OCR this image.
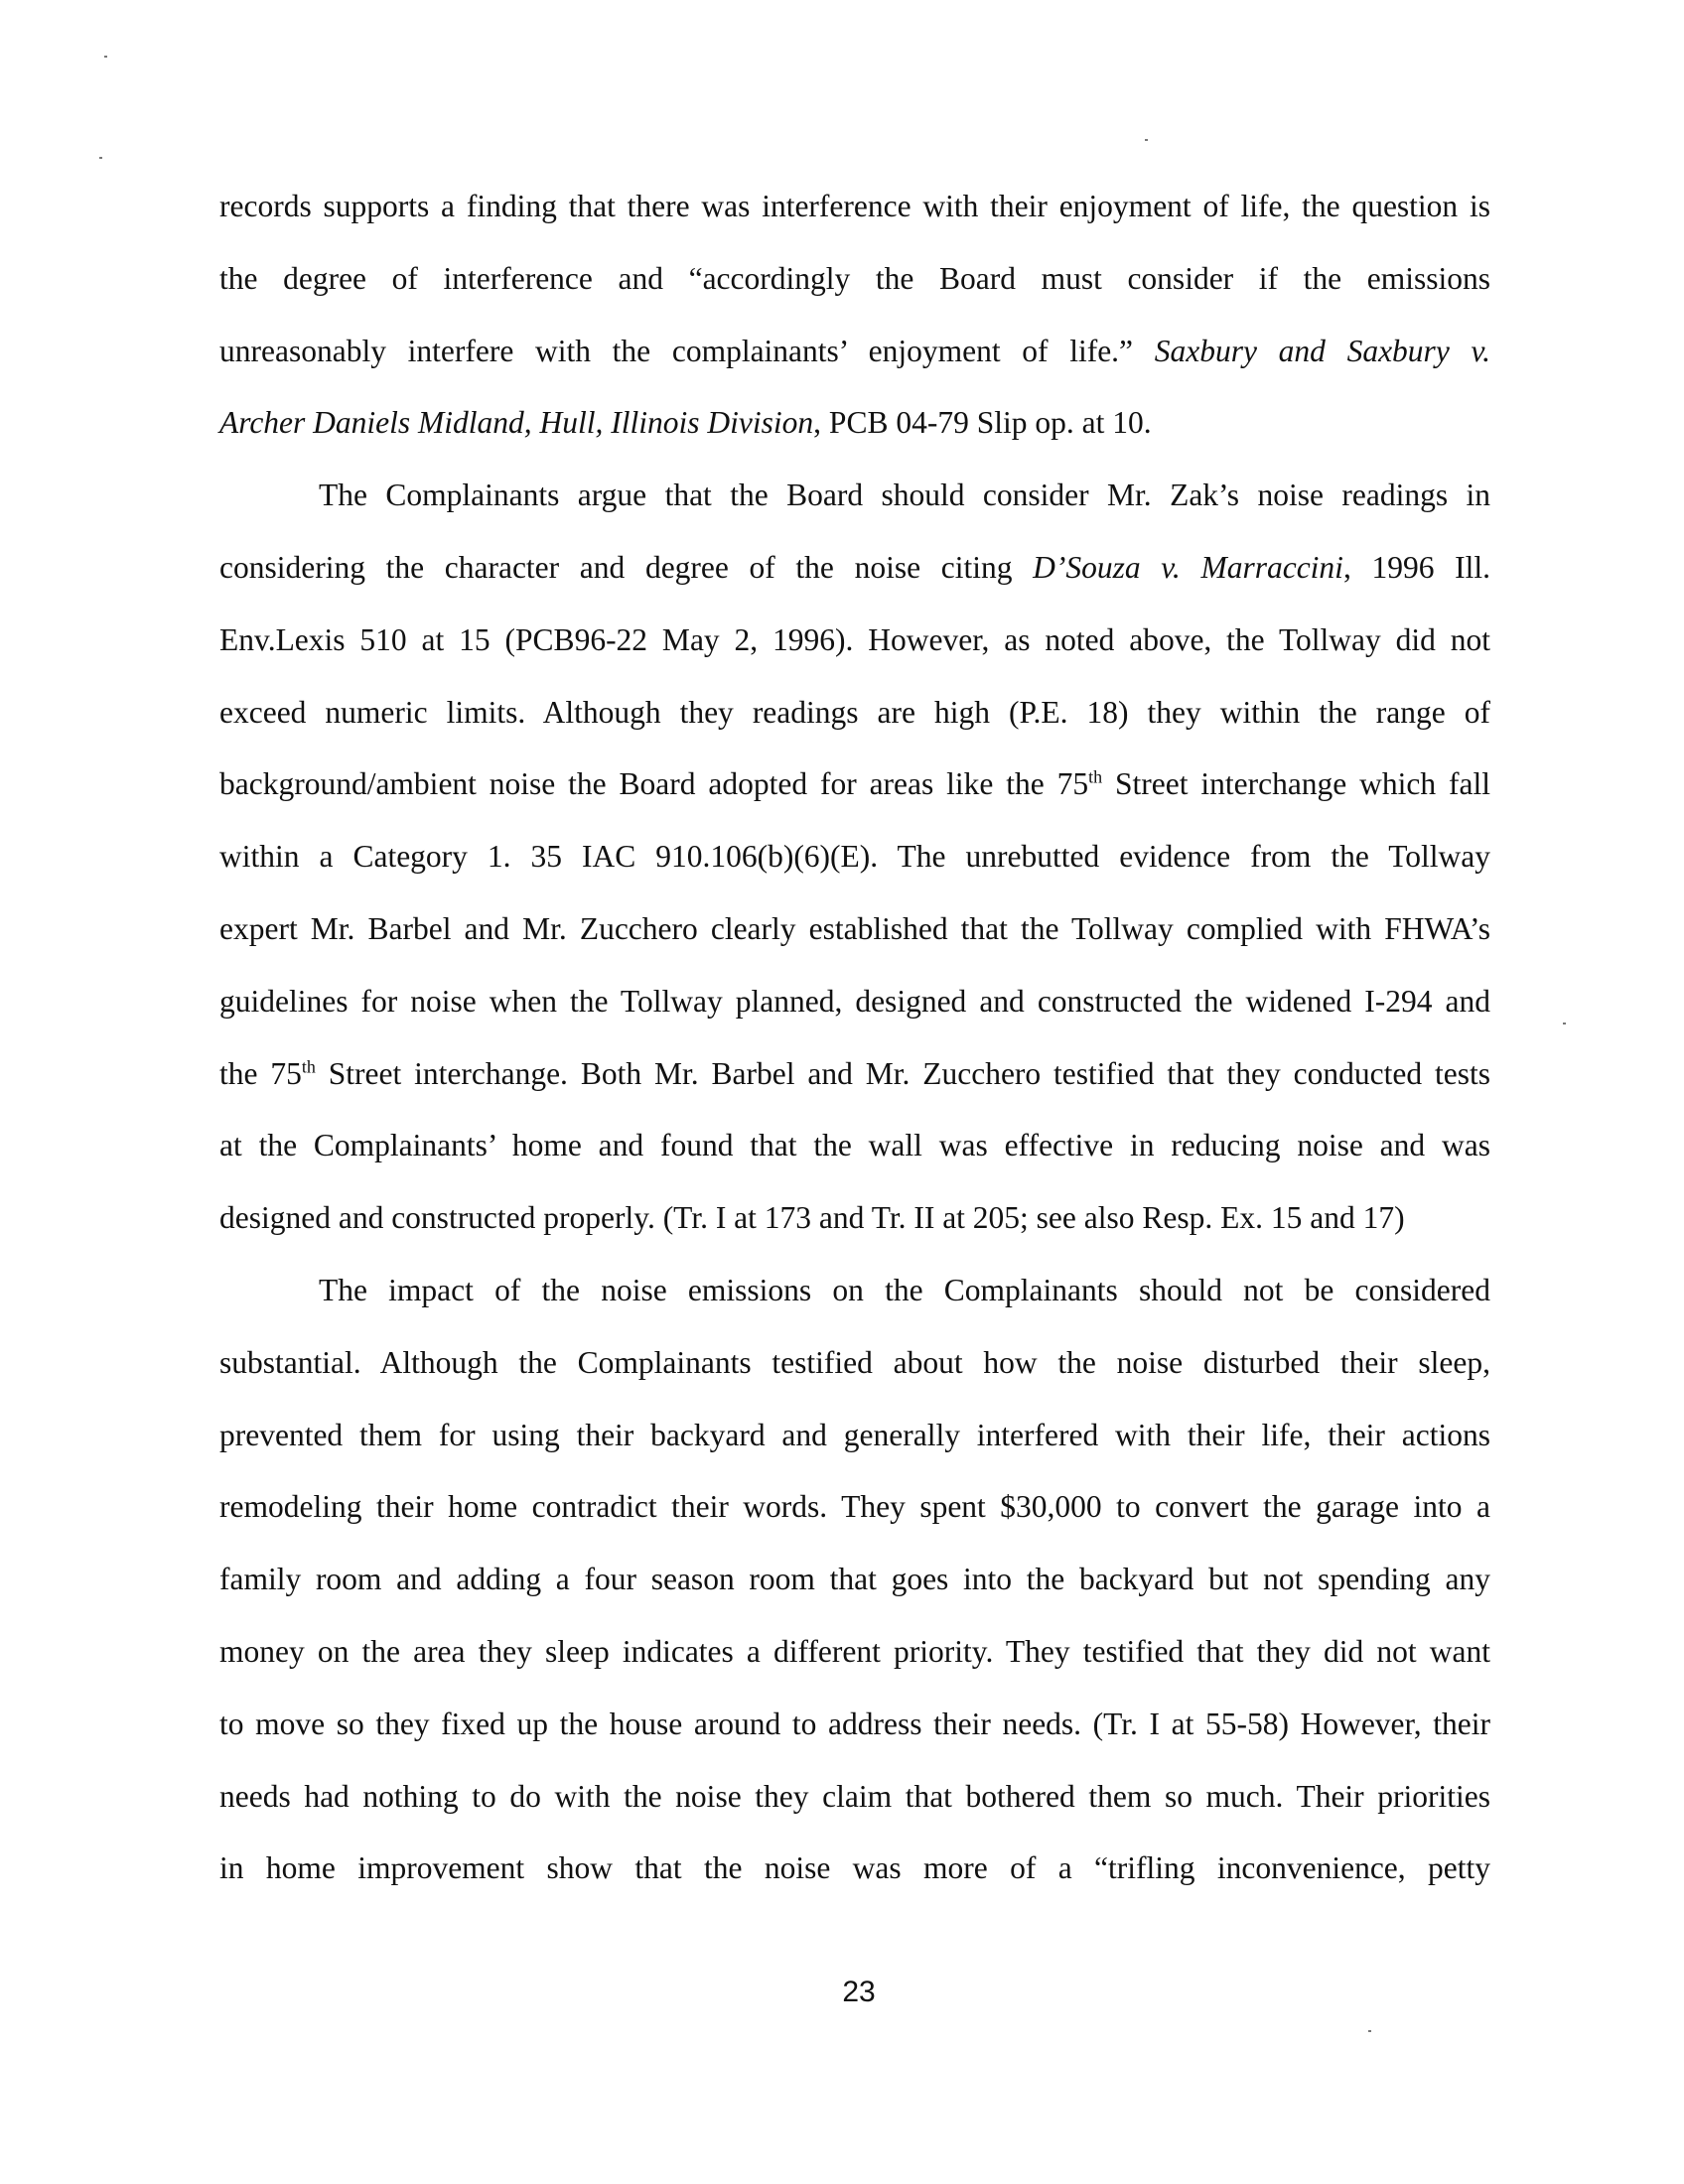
records supports a finding that there was interference with their enjoyment of life, the question is
the degree of interference and “accordingly the Board must consider if the emissions
unreasonably interfere with the complainants’ enjoyment of life.” Saxbury and Saxbury v.
Archer Daniels Midland, Hull, Illinois Division, PCB 04-79 Slip op. at 10.
The Complainants argue that the Board should consider Mr. Zak’s noise readings in
considering the character and degree of the noise citing D’Souza v. Marraccini, 1996 Ill.
Env.Lexis 510 at 15 (PCB96-22 May 2, 1996). However, as noted above, the Tollway did not
exceed numeric limits. Although they readings are high (P.E. 18) they within the range of
background/ambient noise the Board adopted for areas like the 75th Street interchange which fall
within a Category 1. 35 IAC 910.106(b)(6)(E). The unrebutted evidence from the Tollway
expert Mr. Barbel and Mr. Zucchero clearly established that the Tollway complied with FHWA’s
guidelines for noise when the Tollway planned, designed and constructed the widened I-294 and
the 75th Street interchange. Both Mr. Barbel and Mr. Zucchero testified that they conducted tests
at the Complainants’ home and found that the wall was effective in reducing noise and was
designed and constructed properly. (Tr. I at 173 and Tr. II at 205; see also Resp. Ex. 15 and 17)
The impact of the noise emissions on the Complainants should not be considered
substantial. Although the Complainants testified about how the noise disturbed their sleep,
prevented them for using their backyard and generally interfered with their life, their actions
remodeling their home contradict their words. They spent $30,000 to convert the garage into a
family room and adding a four season room that goes into the backyard but not spending any
money on the area they sleep indicates a different priority. They testified that they did not want
to move so they fixed up the house around to address their needs. (Tr. I at 55-58) However, their
needs had nothing to do with the noise they claim that bothered them so much. Their priorities
in home improvement show that the noise was more of a “trifling inconvenience, petty
23
